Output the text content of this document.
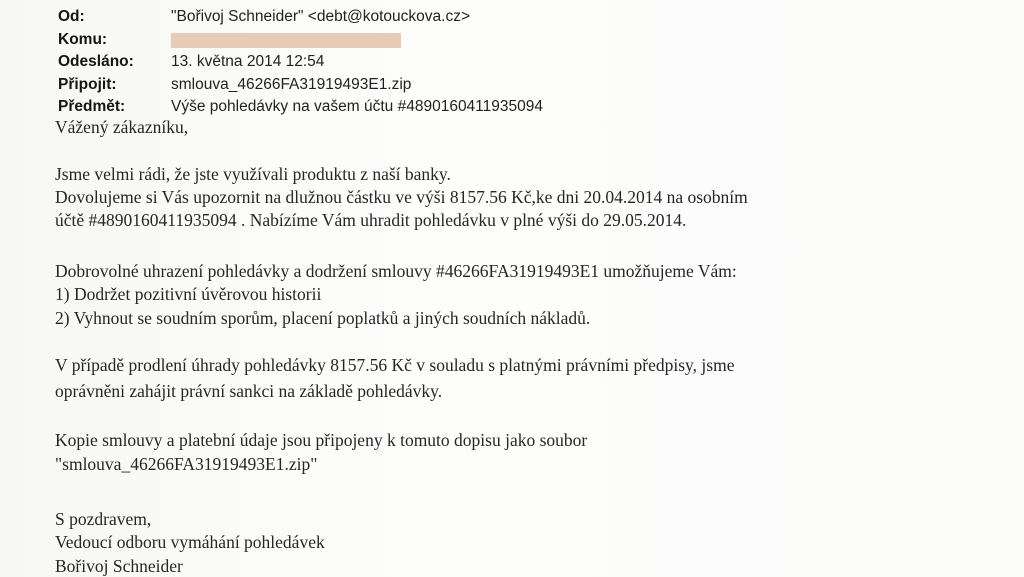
Od:	"Bořivoj Schneider" <debt@kotouckova.cz>
Komu:
Odesláno:	13. května 2014 12:54
Připojit:	smlouva_46266FA31919493E1.zip
Předmět:	Výše pohledávky na vašem účtu #4890160411935094
Vážený zákazníku,
Jsme velmi rádi, že jste využívali produktu z naší banky.
Dovolujeme si Vás upozornit na dlužnou částku ve výši 8157.56 Kč,ke dni 20.04.2014 na osobním
účtě #4890160411935094 . Nabízíme Vám uhradit pohledávku v plné výši do 29.05.2014.
Dobrovolné uhrazení pohledávky a dodržení smlouvy #46266FA31919493E1 umožňujeme Vám:
1) Dodržet pozitivní úvěrovou historii
2) Vyhnout se soudním sporům, placení poplatků a jiných soudních nákladů.
V případě prodlení úhrady pohledávky 8157.56 Kč v souladu s platnými právními předpisy, jsme
oprávněni zahájit právní sankci na základě pohledávky.
Kopie smlouvy a platební údaje jsou připojeny k tomuto dopisu jako soubor
"smlouva_46266FA31919493E1.zip"
S pozdravem,
Vedoucí odboru vymáhání pohledávek
Bořivoj Schneider
